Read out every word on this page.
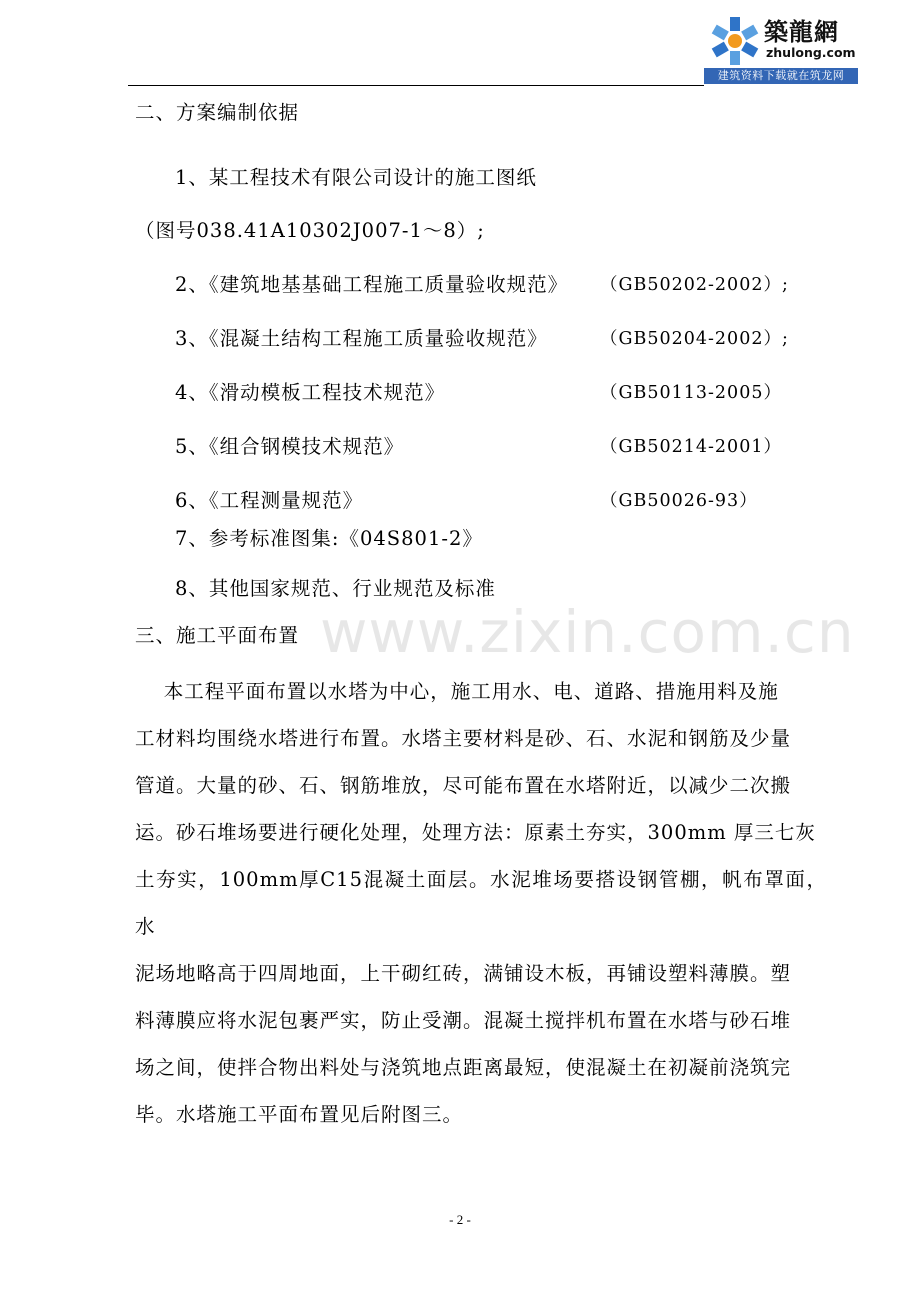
築龍網
zhulong.com
建筑资料下载就在筑龙网
www.zixin.com.cn
二、方案编制依据
1、某工程技术有限公司设计的施工图纸
（图号038.41A10302J007-1～8）;
2、《建筑地基基础工程施工质量验收规范》 （GB50202-2002）;
3、《混凝土结构工程施工质量验收规范》	（GB50204-2002）;
4、《滑动模板工程技术规范》	（GB50113-2005）
5、《组合钢模技术规范》	（GB50214-2001）
6、《工程测量规范》	（GB50026-93）
7、参考标准图集:《04S801-2》
8、其他国家规范、行业规范及标准
三、施工平面布置

本工程平面布置以水塔为中心，施工用水、电、道路、措施用料及施

工材料均围绕水塔进行布置。水塔主要材料是砂、石、水泥和钢筋及少量

管道。大量的砂、石、钢筋堆放，尽可能布置在水塔附近，以减少二次搬

运。砂石堆场要进行硬化处理，处理方法：原素土夯实，300mm 厚三七灰

土夯实，100mm厚C15混凝土面层。水泥堆场要搭设钢管棚，帆布罩面，水

泥场地略高于四周地面，上干砌红砖，满铺设木板，再铺设塑料薄膜。塑

料薄膜应将水泥包裹严实，防止受潮。混凝土搅拌机布置在水塔与砂石堆

场之间，使拌合物出料处与浇筑地点距离最短，使混凝土在初凝前浇筑完

毕。水塔施工平面布置见后附图三。

- 2 -
